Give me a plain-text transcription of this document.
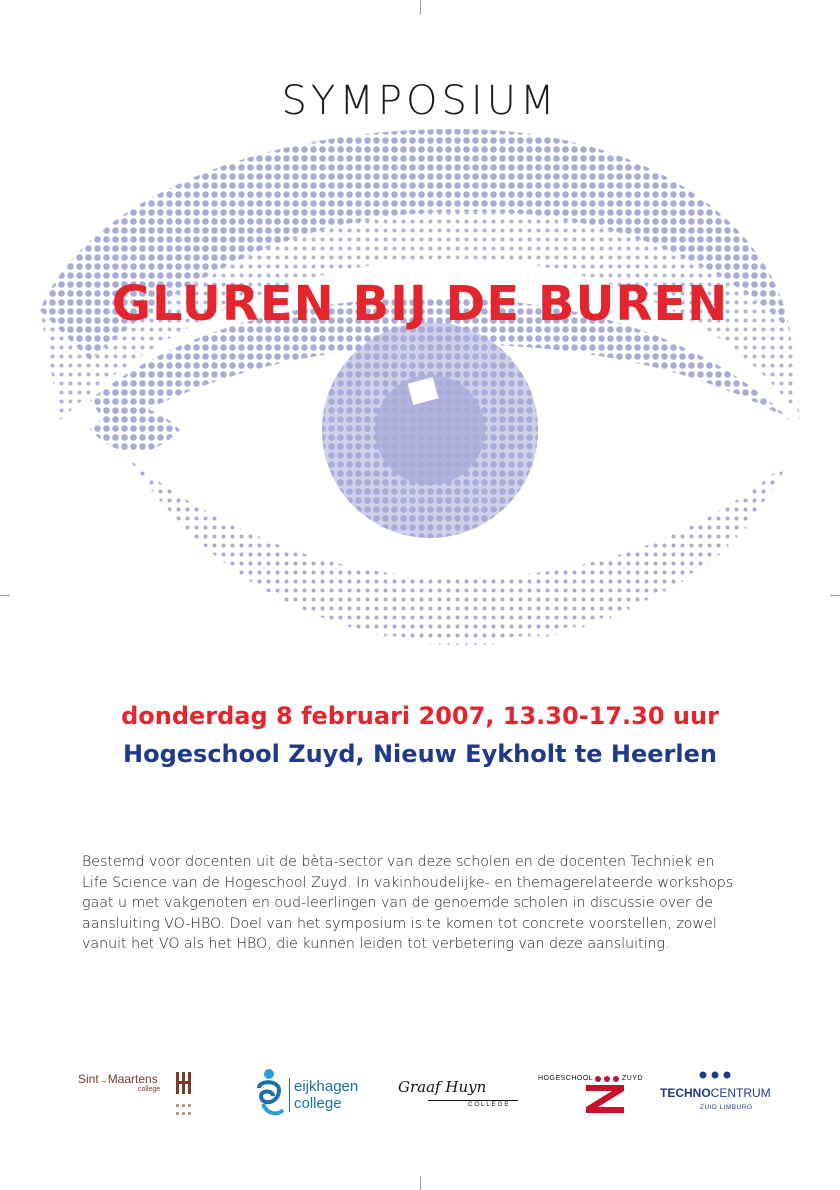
SYMPOSIUM
GLUREN BIJ DE BUREN
donderdag 8 februari 2007, 13.30-17.30 uur
Hogeschool Zuyd, Nieuw Eykholt te Heerlen
Bestemd voor docenten uit de bèta-sector van deze scholen en de docenten Techniek en
Life Science van de Hogeschool Zuyd. In vakinhoudelijke- en themagerelateerde workshops
gaat u met vakgenoten en oud-leerlingen van de genoemde scholen in discussie over de
aansluiting VO-HBO. Doel van het symposium is te komen tot concrete voorstellen, zowel
vanuit het VO als het HBO, die kunnen leiden tot verbetering van deze aansluiting.
Sint→Maartens
college	eijkhagen
college
Graaf Huyn
COLLEGE
HOGESCHOOL	ZUYD
TECHNOCENTRUM
ZUID LIMBURG
